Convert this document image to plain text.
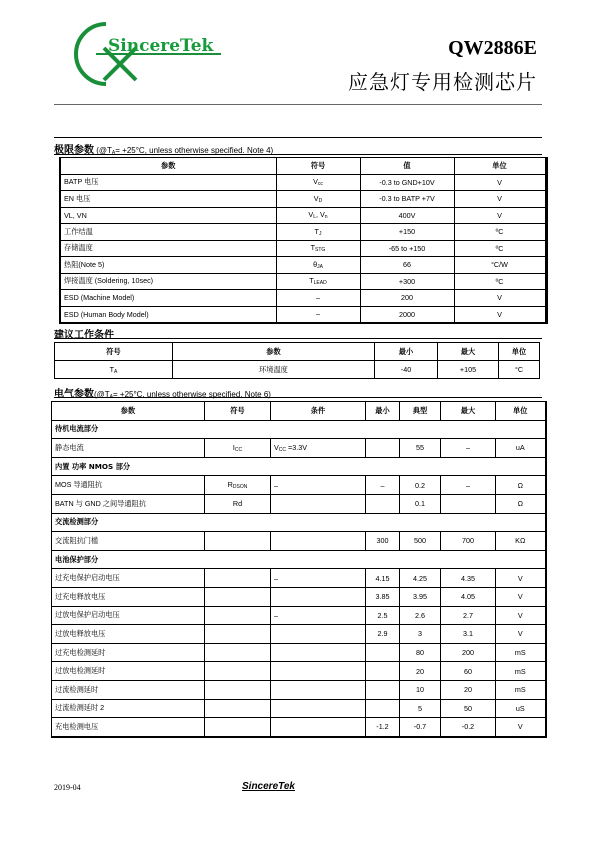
SincereTek	QW2886E
应急灯专用检测芯片
极限参数 ($@T_A= +25^\circ C$, unless otherwise specified. Note 4)
参数	符号	值	单位
BATP 电压	$V_{cc}$	-0.3 to GND+10V	V
EN 电压	$V_D$	-0.3 to BATP +7V	V
VL, VN	$V_L$, $V_n$	400V	V
工作结温	$T_J$	+150	ºC
存储温度	$T_{STG}$	-65 to +150	ºC
热阻(Note 5)	$\theta_{JA}$	66	°C/W
焊接温度 (Soldering, 10sec)	$T_{LEAD}$	+300	ºC
ESD (Machine Model)	–	200	V
ESD (Human Body Model)	–	2000	V
建议工作条件
符号	参数	最小	最大	单位
$T_A$	环境温度	-40	+105	°C
电气参数($@T_A= +25^\circ C$, unless otherwise specified. Note 6)
参数	符号	条件	最小	典型	最大	单位
待机电流部分						
静态电流	$I_{CC}$	$V_{CC} =3.3V$		55	–	uA
内置 功率 NMOS 部分						
MOS 导通阻抗	$R_{DSON}$	–	–	0.2	–	Ω
BATN 与 GND 之间导通阻抗	Rd			0.1		Ω
交流检测部分						
交流阻抗门槛			300	500	700	KΩ
电池保护部分						
过充电保护启动电压		–	4.15	4.25	4.35	V
过充电释放电压			3.85	3.95	4.05	V
过放电保护启动电压		–	2.5	2.6	2.7	V
过放电释放电压			2.9	3	3.1	V
过充电检测延时				80	200	mS
过放电检测延时				20	60	mS
过流检测延时				10	20	mS
过流检测延时 2				5	50	uS
充电检测电压			-1.2	-0.7	-0.2	V
2019-04	SincereTek
